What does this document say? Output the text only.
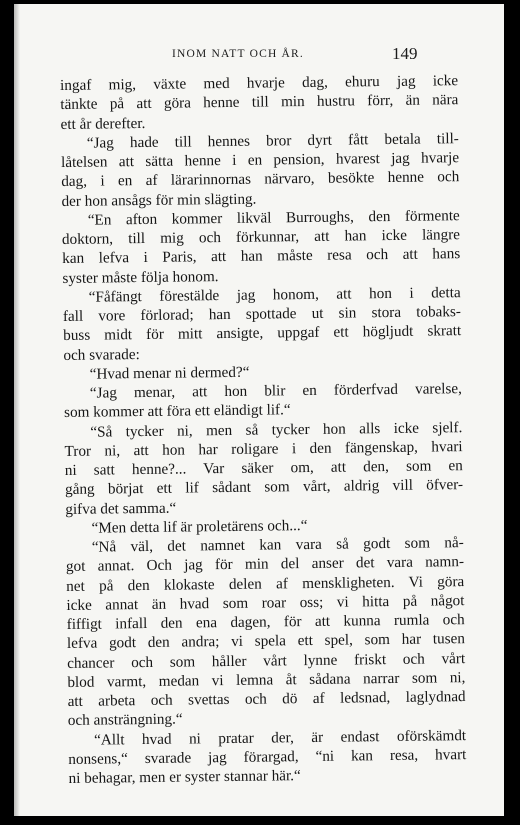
INOM NATT OCH ÅR.	149

ingaf mig, växte med hvarje dag, ehuru jag icke
tänkte på att göra henne till min hustru förr, än nära
ett år derefter.

“Jag hade till hennes bror dyrt fått betala till-
låtelsen att sätta henne i en pension, hvarest jag hvarje
dag, i en af lärarinnornas närvaro, besökte henne och
der hon ansågs för min slägting.

“En afton kommer likväl Burroughs, den förmente
doktorn, till mig och förkunnar, att han icke längre
kan lefva i Paris, att han måste resa och att hans
syster måste följa honom.

“Fåfängt förestälde jag honom, att hon i detta
fall vore förlorad; han spottade ut sin stora tobaks-
buss midt för mitt ansigte, uppgaf ett högljudt skratt
och svarade:

“Hvad menar ni dermed?“

“Jag menar, att hon blir en förderfvad varelse,
som kommer att föra ett eländigt lif.“

“Så tycker ni, men så tycker hon alls icke sjelf.
Tror ni, att hon har roligare i den fängenskap, hvari
ni satt henne?... Var säker om, att den, som en
gång börjat ett lif sådant som vårt, aldrig vill öfver-
gifva det samma.“

“Men detta lif är proletärens och...“

“Nå väl, det namnet kan vara så godt som nå-
got annat. Och jag för min del anser det vara namn-
net på den klokaste delen af menskligheten. Vi göra
icke annat än hvad som roar oss; vi hitta på något
fiffigt infall den ena dagen, för att kunna rumla och
lefva godt den andra; vi spela ett spel, som har tusen
chancer och som håller vårt lynne friskt och vårt
blod varmt, medan vi lemna åt sådana narrar som ni,
att arbeta och svettas och dö af ledsnad, laglydnad
och ansträngning.“

“Allt hvad ni pratar der, är endast oförskämdt
nonsens,“ svarade jag förargad, “ni kan resa, hvart
ni behagar, men er syster stannar här.“
